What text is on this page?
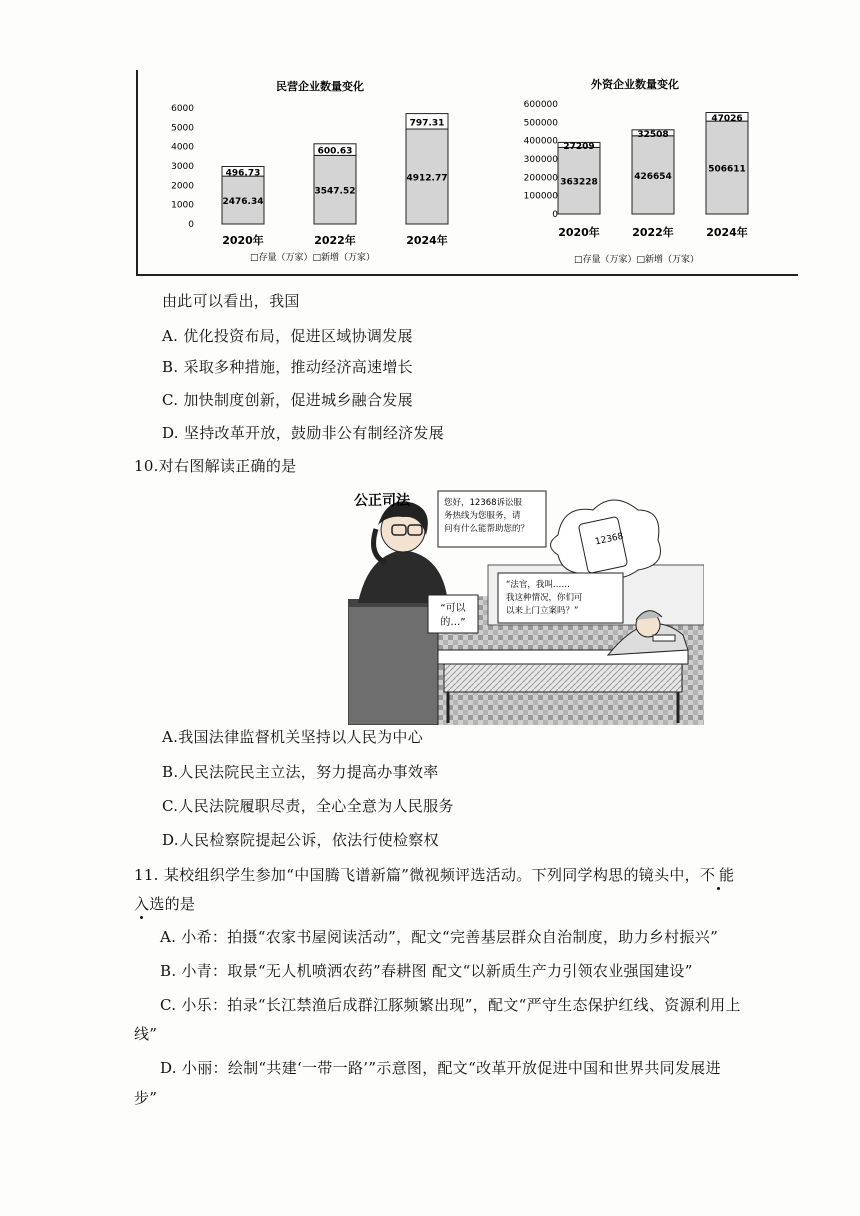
民营企业数量变化
6000
5000
4000
3000
2000
1000
0
2476.34
496.73
2020年
3547.52
600.63
2022年
4912.77
797.31
2024年
□存量（万家）□新增（万家）
外资企业数量变化
600000
500000
400000
300000
200000
100000
0
363228
27209
2020年
426654
32508
2022年
506611
47026
2024年
□存量（万家）□新增（万家）
由此可以看出，我国
A. 优化投资布局，促进区域协调发展
B. 采取多种措施，推动经济高速增长
C. 加快制度创新，促进城乡融合发展
D. 坚持改革开放，鼓励非公有制经济发展
10.对右图解读正确的是
“可以
的…”
公正司法	您好，12368诉讼服
务热线为您服务，请
问有什么能帮助您的？
12368
“法官，我叫……
我这种情况，你们可
以来上门立案吗？”
A.我国法律监督机关坚持以人民为中心
B.人民法院民主立法，努力提高办事效率
C.人民法院履职尽责，全心全意为人民服务
D.人民检察院提起公诉，依法行使检察权
11. 某校组织学生参加“中国腾飞谱新篇”微视频评选活动。下列同学构思的镜头中，不能
入选的是
A. 小希：拍摄“农家书屋阅读活动”，配文“完善基层群众自治制度，助力乡村振兴”
B. 小青：取景“无人机喷洒农药”春耕图 配文“以新质生产力引领农业强国建设”
C. 小乐：拍录“长江禁渔后成群江豚频繁出现”，配文“严守生态保护红线、资源利用上
线”
D. 小丽：绘制“共建‘一带一路’”示意图，配文“改革开放促进中国和世界共同发展进
步”
